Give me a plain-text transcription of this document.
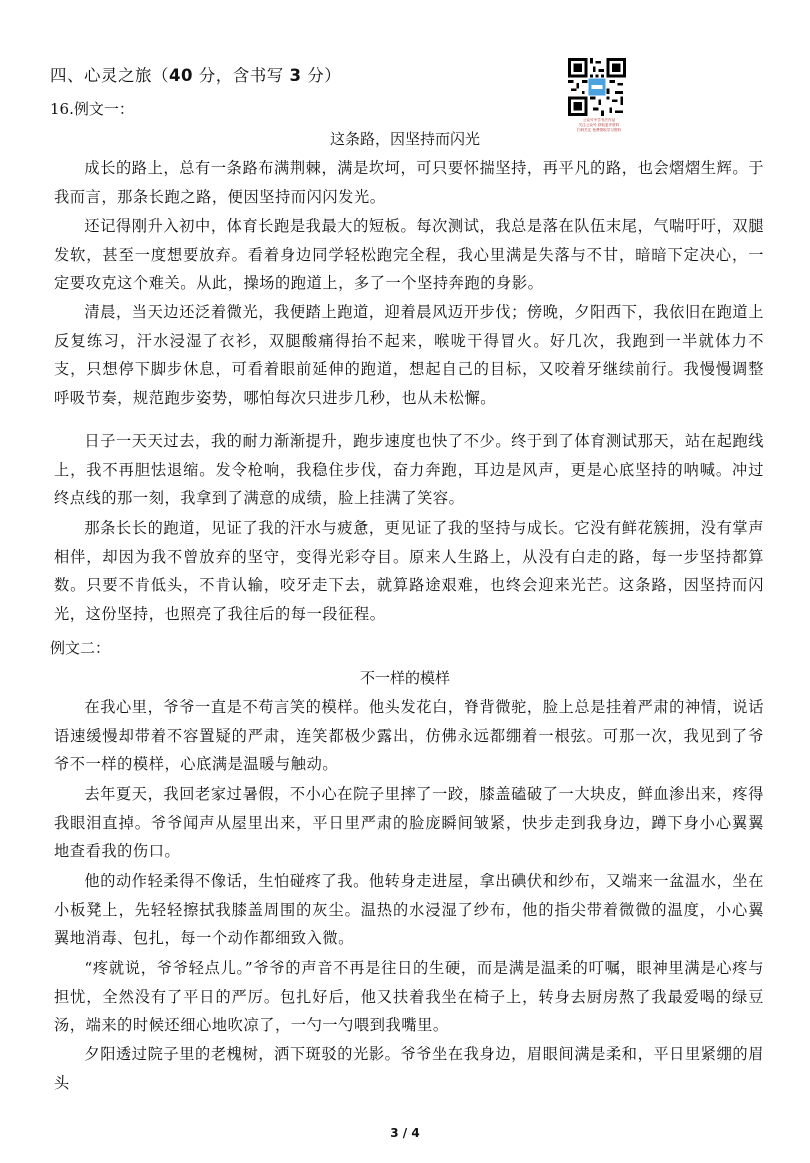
四、心灵之旅（40 分，含书写 3 分）
16.例文一：
公众号中学书法作品
关注公众号 获取更多资料
扫码关注 免费领取学习资料
这条路，因坚持而闪光

成长的路上，总有一条路布满荆棘，满是坎坷，可只要怀揣坚持，再平凡的路，也会熠熠生辉。于我而言，那条长跑之路，便因坚持而闪闪发光。

还记得刚升入初中，体育长跑是我最大的短板。每次测试，我总是落在队伍末尾，气喘吁吁，双腿发软，甚至一度想要放弃。看着身边同学轻松跑完全程，我心里满是失落与不甘，暗暗下定决心，一定要攻克这个难关。从此，操场的跑道上，多了一个坚持奔跑的身影。

清晨，当天边还泛着微光，我便踏上跑道，迎着晨风迈开步伐；傍晚，夕阳西下，我依旧在跑道上反复练习，汗水浸湿了衣衫，双腿酸痛得抬不起来，喉咙干得冒火。好几次，我跑到一半就体力不支，只想停下脚步休息，可看着眼前延伸的跑道，想起自己的目标，又咬着牙继续前行。我慢慢调整呼吸节奏，规范跑步姿势，哪怕每次只进步几秒，也从未松懈。

日子一天天过去，我的耐力渐渐提升，跑步速度也快了不少。终于到了体育测试那天，站在起跑线上，我不再胆怯退缩。发令枪响，我稳住步伐，奋力奔跑，耳边是风声，更是心底坚持的呐喊。冲过终点线的那一刻，我拿到了满意的成绩，脸上挂满了笑容。

那条长长的跑道，见证了我的汗水与疲惫，更见证了我的坚持与成长。它没有鲜花簇拥，没有掌声相伴，却因为我不曾放弃的坚守，变得光彩夺目。原来人生路上，从没有白走的路，每一步坚持都算数。只要不肯低头，不肯认输，咬牙走下去，就算路途艰难，也终会迎来光芒。这条路，因坚持而闪光，这份坚持，也照亮了我往后的每一段征程。

例文二：
不一样的模样

在我心里，爷爷一直是不苟言笑的模样。他头发花白，脊背微驼，脸上总是挂着严肃的神情，说话语速缓慢却带着不容置疑的严肃，连笑都极少露出，仿佛永远都绷着一根弦。可那一次，我见到了爷爷不一样的模样，心底满是温暖与触动。

去年夏天，我回老家过暑假，不小心在院子里摔了一跤，膝盖磕破了一大块皮，鲜血渗出来，疼得我眼泪直掉。爷爷闻声从屋里出来，平日里严肃的脸庞瞬间皱紧，快步走到我身边，蹲下身小心翼翼地查看我的伤口。

他的动作轻柔得不像话，生怕碰疼了我。他转身走进屋，拿出碘伏和纱布，又端来一盆温水，坐在小板凳上，先轻轻擦拭我膝盖周围的灰尘。温热的水浸湿了纱布，他的指尖带着微微的温度，小心翼翼地消毒、包扎，每一个动作都细致入微。

“疼就说，爷爷轻点儿。”爷爷的声音不再是往日的生硬，而是满是温柔的叮嘱，眼神里满是心疼与担忧，全然没有了平日的严厉。包扎好后，他又扶着我坐在椅子上，转身去厨房熬了我最爱喝的绿豆汤，端来的时候还细心地吹凉了，一勺一勺喂到我嘴里。

夕阳透过院子里的老槐树，洒下斑驳的光影。爷爷坐在我身边，眉眼间满是柔和，平日里紧绷的眉头

3 / 4
